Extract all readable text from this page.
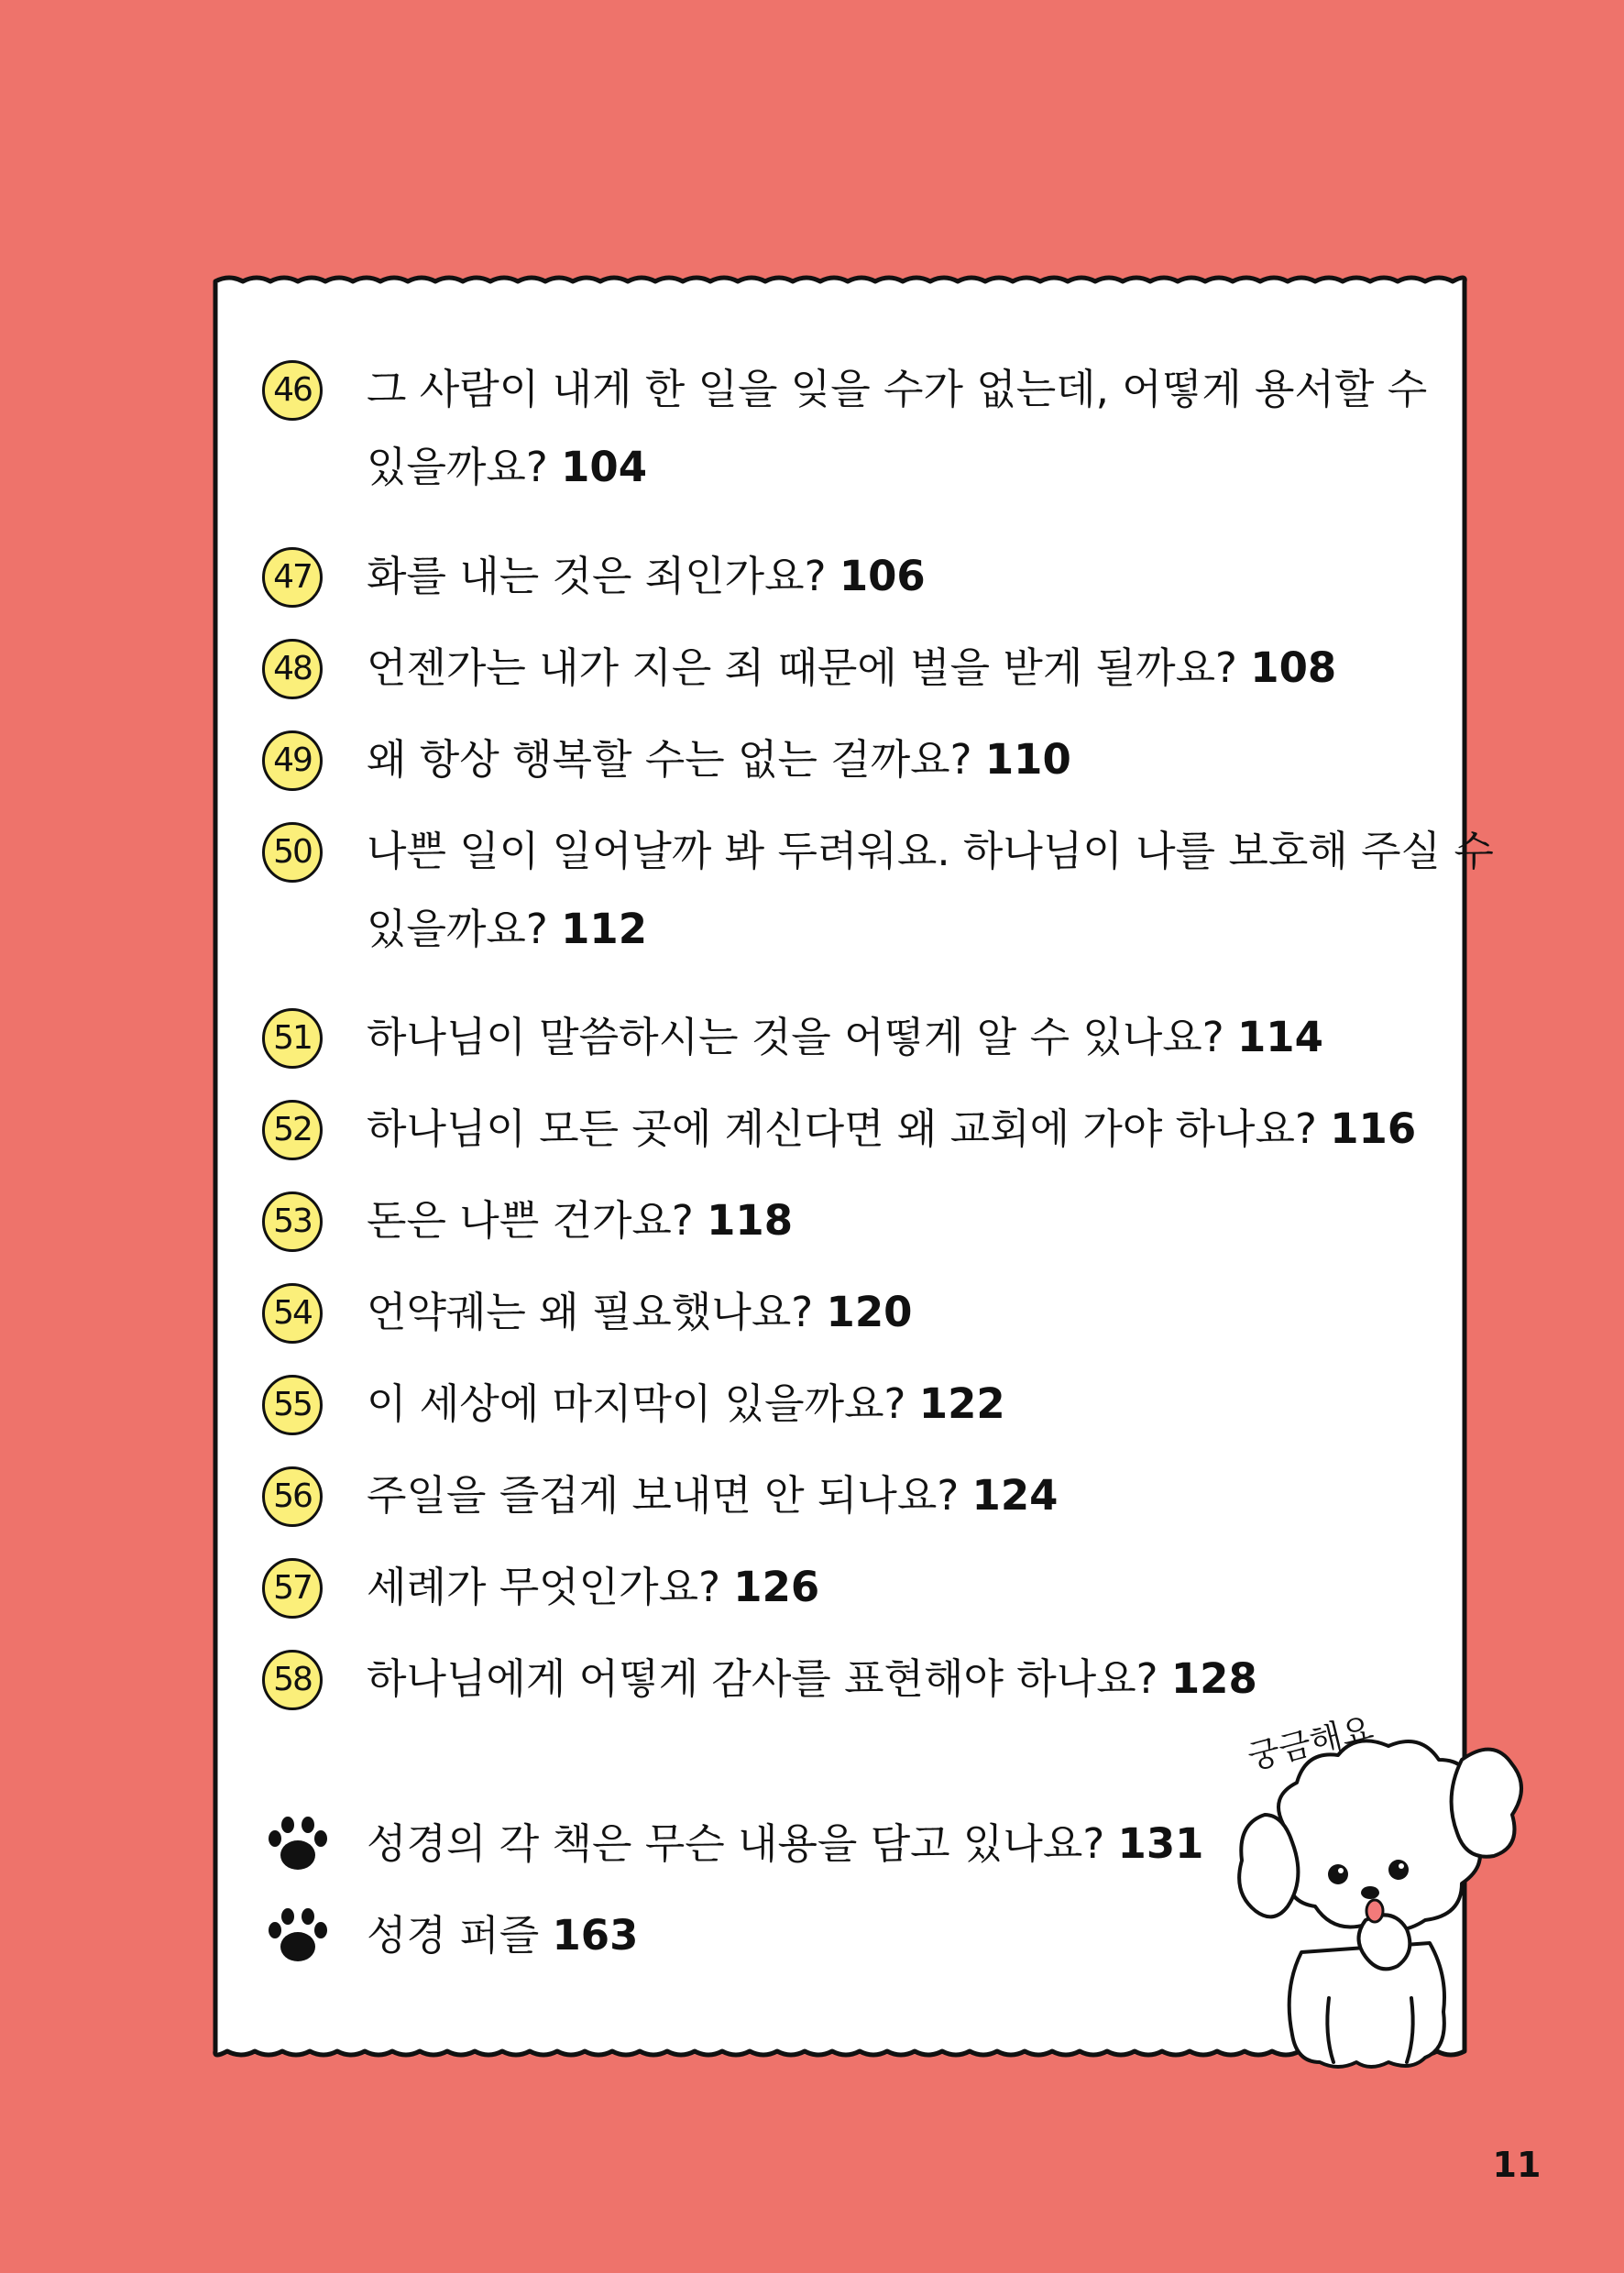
46 그 사람이 내게 한 일을 잊을 수가 없는데, 어떻게 용서할 수
있을까요? 104

47 화를 내는 것은 죄인가요? 106

48 언젠가는 내가 지은 죄 때문에 벌을 받게 될까요? 108

49 왜 항상 행복할 수는 없는 걸까요? 110

50 나쁜 일이 일어날까 봐 두려워요. 하나님이 나를 보호해 주실 수
있을까요? 112

51 하나님이 말씀하시는 것을 어떻게 알 수 있나요? 114

52 하나님이 모든 곳에 계신다면 왜 교회에 가야 하나요? 116

53 돈은 나쁜 건가요? 118

54 언약궤는 왜 필요했나요? 120

55 이 세상에 마지막이 있을까요? 122

56 주일을 즐겁게 보내면 안 되나요? 124

57 세례가 무엇인가요? 126

58 하나님에게 어떻게 감사를 표현해야 하나요? 128

성경의 각 책은 무슨 내용을 담고 있나요? 131

성경 퍼즐 163

궁금해요
11
